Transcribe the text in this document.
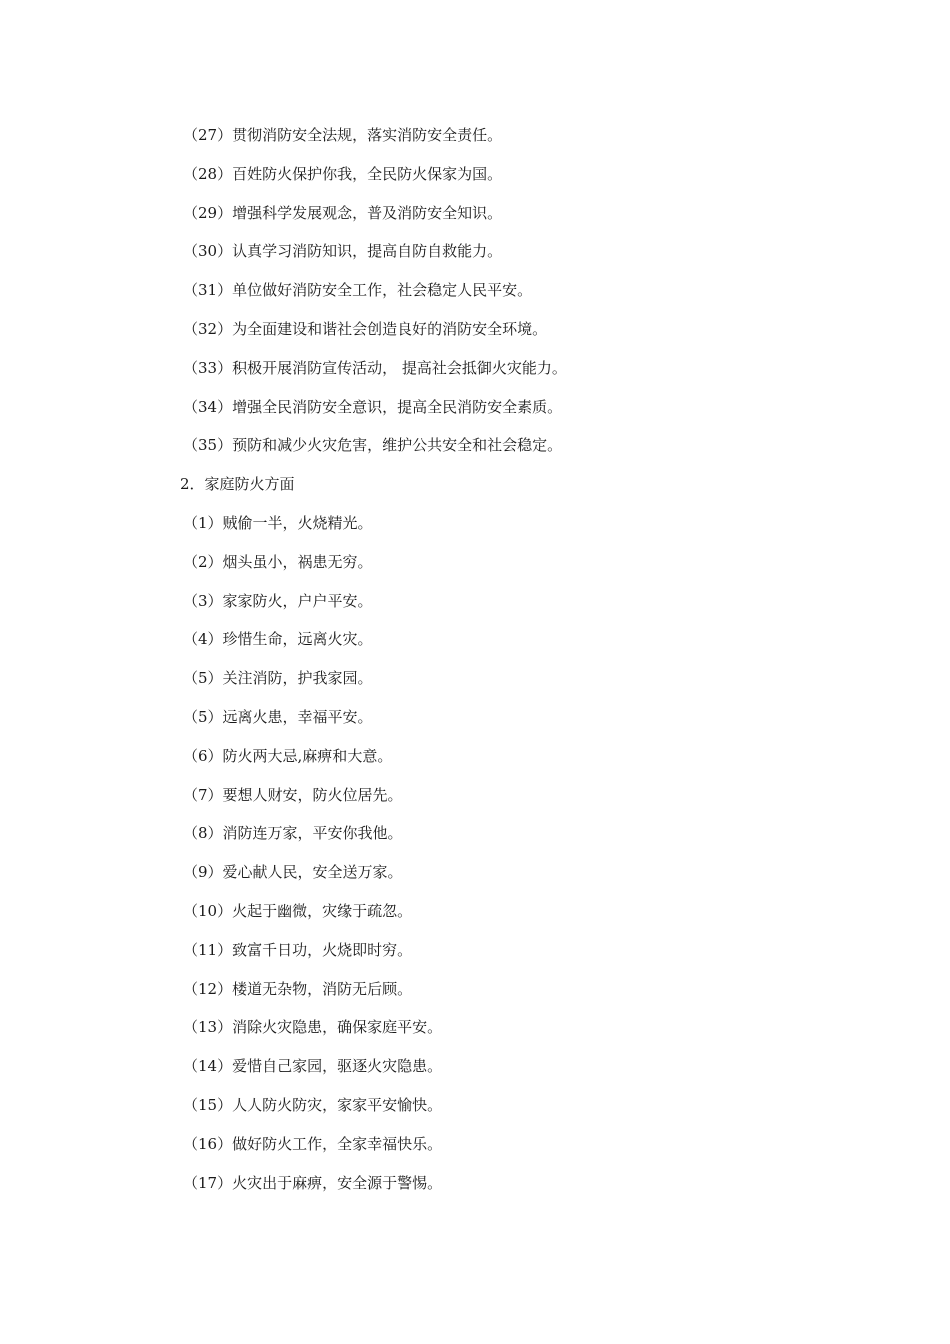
（27）贯彻消防安全法规，落实消防安全责任。
（28）百姓防火保护你我，全民防火保家为国。
（29）增强科学发展观念，普及消防安全知识。
（30）认真学习消防知识，提高自防自救能力。
（31）单位做好消防安全工作，社会稳定人民平安。
（32）为全面建设和谐社会创造良好的消防安全环境。
（33）积极开展消防宣传活动， 提高社会抵御火灾能力。
（34）增强全民消防安全意识，提高全民消防安全素质。
（35）预防和减少火灾危害，维护公共安全和社会稳定。
2．家庭防火方面
（1）贼偷一半，火烧精光。
（2）烟头虽小，祸患无穷。
（3）家家防火，户户平安。
（4）珍惜生命，远离火灾。
（5）关注消防，护我家园。
（5）远离火患，幸福平安。
（6）防火两大忌,麻痹和大意。
（7）要想人财安，防火位居先。
（8）消防连万家，平安你我他。
（9）爱心献人民，安全送万家。
（10）火起于幽微，灾缘于疏忽。
（11）致富千日功，火烧即时穷。
（12）楼道无杂物，消防无后顾。
（13）消除火灾隐患，确保家庭平安。
（14）爱惜自己家园，驱逐火灾隐患。
（15）人人防火防灾，家家平安愉快。
（16）做好防火工作，全家幸福快乐。
（17）火灾出于麻痹，安全源于警惕。
